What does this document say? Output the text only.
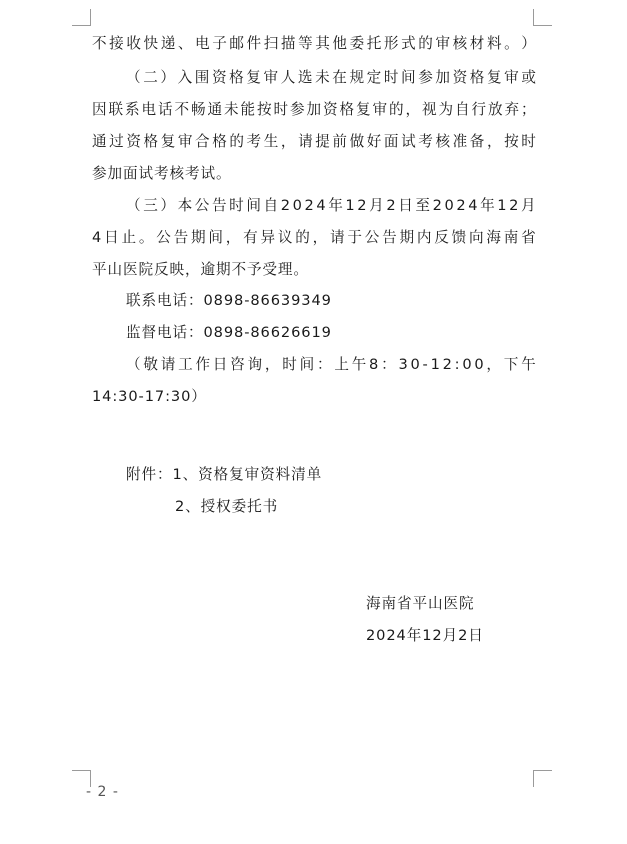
不 接 收 快 递 、 电 子 邮 件 扫 描 等 其 他 委 托 形 式 的 审 核 材 料 。 ）
（ 二 ） 入 围 资 格 复 审 人 选 未 在 规 定 时 间 参 加 资 格 复 审 或
因 联 系 电 话 不 畅 通 未 能 按 时 参 加 资 格 复 审 的 ， 视 为 自 行 放 弃 ；
通 过 资 格 复 审 合 格 的 考 生 ， 请 提 前 做 好 面 试 考 核 准 备 ， 按 时
参加面试考核考试。
（ 三 ） 本 公 告 时 间 自 2 0 2 4 年 1 2 月 2 日 至 2 0 2 4 年 1 2 月
4 日 止 。 公 告 期 间 ， 有 异 议 的 ， 请 于 公 告 期 内 反 馈 向 海 南 省
平山医院反映，逾期不予受理。
联系电话：0898-86639349
监督电话：0898-86626619
（ 敬 请 工 作 日 咨 询 ， 时 间 ： 上 午 8 ： 3 0 - 1 2 : 0 0 ， 下 午
14:30-17:30）
附件：1、资格复审资料清单
2、授权委托书
海南省平山医院
2024年12月2日
- 2 -
